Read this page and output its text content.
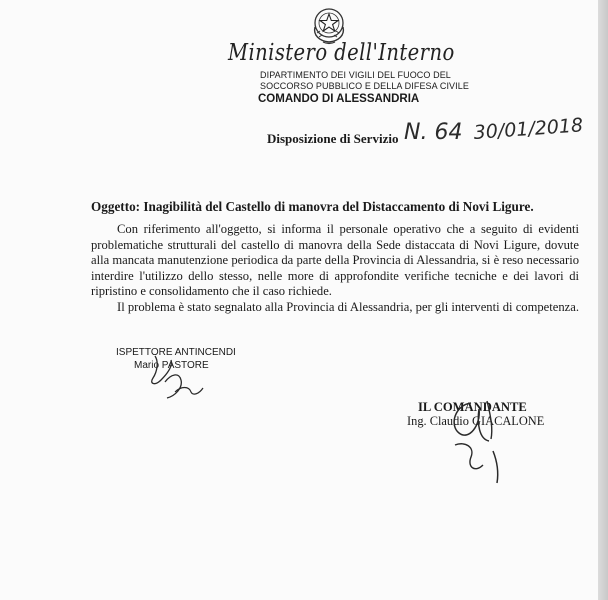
Ministero dell'Interno
DIPARTIMENTO DEI VIGILI DEL FUOCO DEL
SOCCORSO PUBBLICO E DELLA DIFESA CIVILE
COMANDO DI ALESSANDRIA
Disposizione di Servizio N. 64 30/01/2018
Oggetto: Inagibilità del Castello di manovra del Distaccamento di Novi Ligure.

Con riferimento all'oggetto, si informa il personale operativo che a seguito di evidenti problematiche strutturali del castello di manovra della Sede distaccata di Novi Ligure, dovute alla mancata manutenzione periodica da parte della Provincia di Alessandria, si è reso necessario interdire l'utilizzo dello stesso, nelle more di approfondite verifiche tecniche e dei lavori di ripristino e consolidamento che il caso richiede.

Il problema è stato segnalato alla Provincia di Alessandria, per gli interventi di competenza.

ISPETTORE ANTINCENDI
Mario PASTORE
IL COMANDANTE
Ing. Claudio GIACALONE
